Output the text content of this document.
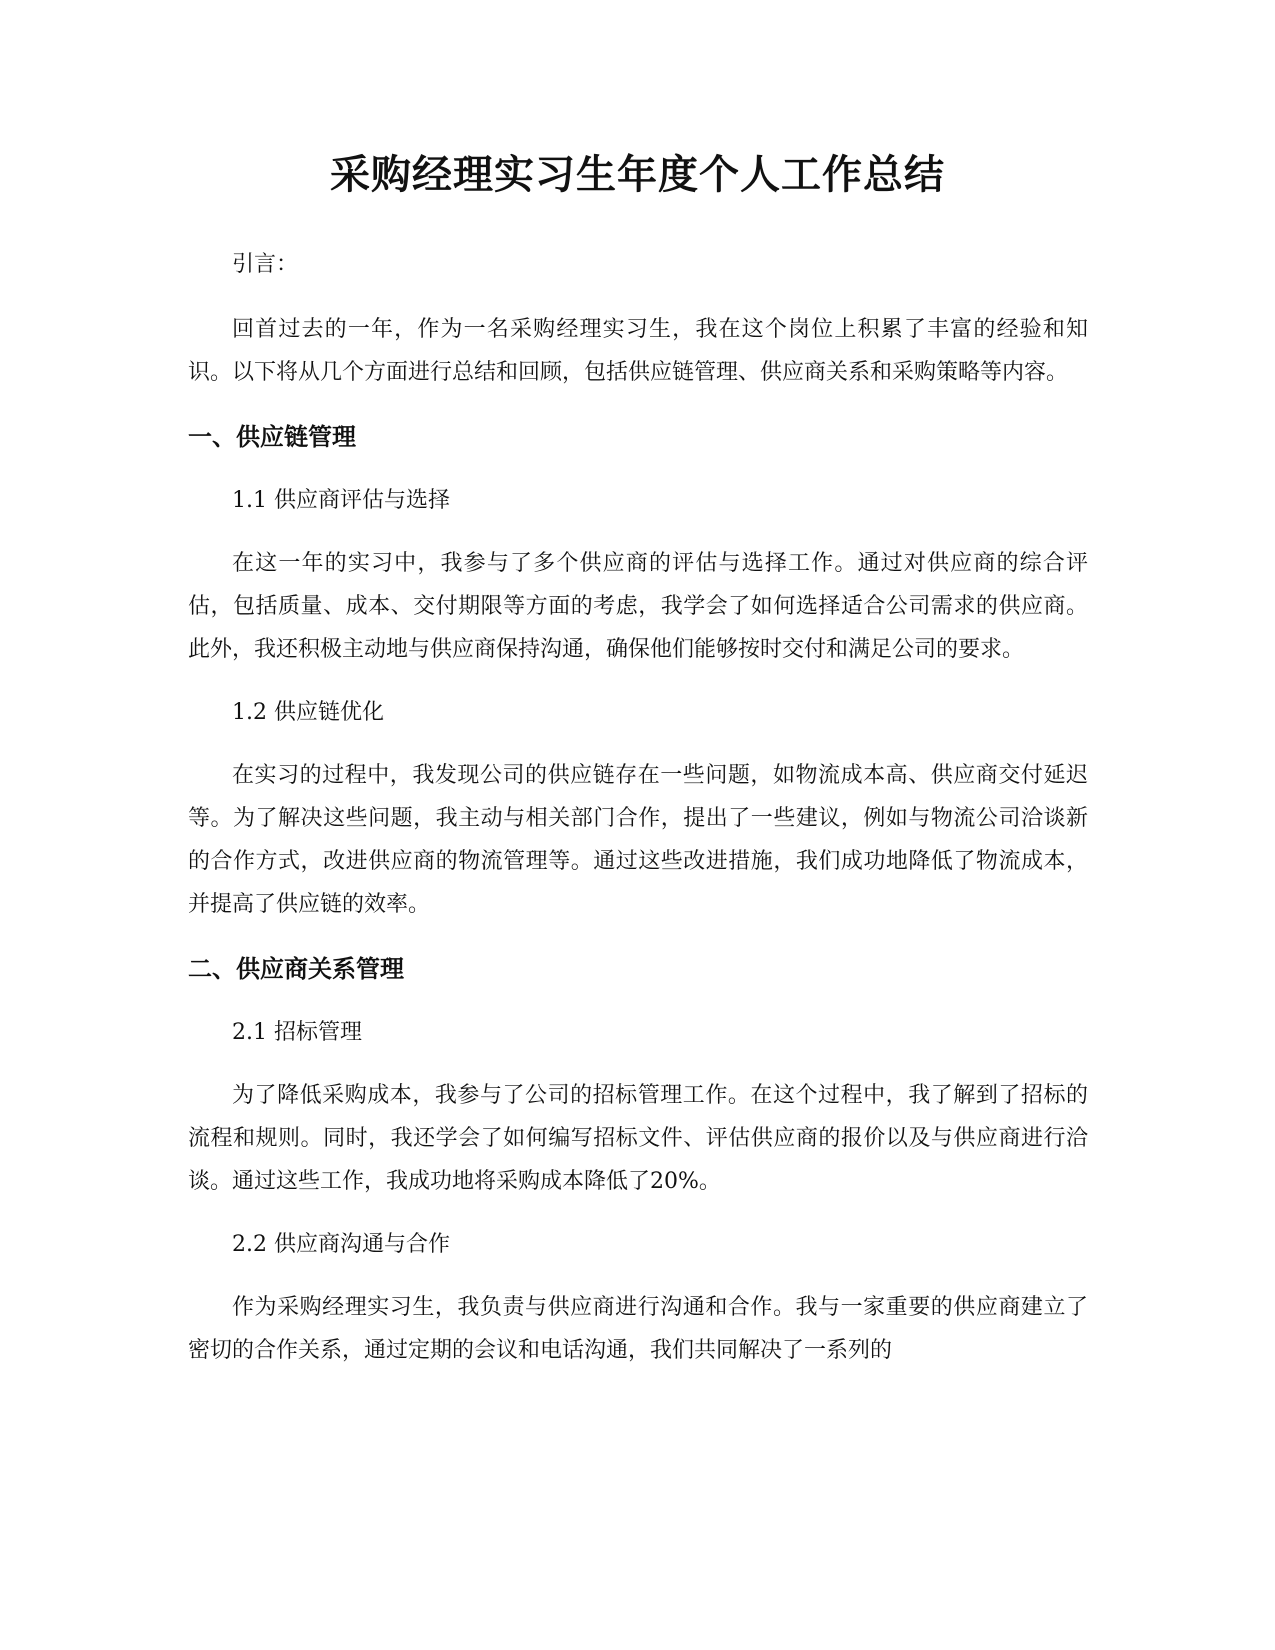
采购经理实习生年度个人工作总结

引言：

回首过去的一年，作为一名采购经理实习生，我在这个岗位上积累了丰富的经验和知识。以下将从几个方面进行总结和回顾，包括供应链管理、供应商关系和采购策略等内容。

一、供应链管理

1.1 供应商评估与选择

在这一年的实习中，我参与了多个供应商的评估与选择工作。通过对供应商的综合评估，包括质量、成本、交付期限等方面的考虑，我学会了如何选择适合公司需求的供应商。此外，我还积极主动地与供应商保持沟通，确保他们能够按时交付和满足公司的要求。

1.2 供应链优化

在实习的过程中，我发现公司的供应链存在一些问题，如物流成本高、供应商交付延迟等。为了解决这些问题，我主动与相关部门合作，提出了一些建议，例如与物流公司洽谈新的合作方式，改进供应商的物流管理等。通过这些改进措施，我们成功地降低了物流成本，并提高了供应链的效率。

二、供应商关系管理

2.1 招标管理

为了降低采购成本，我参与了公司的招标管理工作。在这个过程中，我了解到了招标的流程和规则。同时，我还学会了如何编写招标文件、评估供应商的报价以及与供应商进行洽谈。通过这些工作，我成功地将采购成本降低了20%。

2.2 供应商沟通与合作

作为采购经理实习生，我负责与供应商进行沟通和合作。我与一家重要的供应商建立了密切的合作关系，通过定期的会议和电话沟通，我们共同解决了一系列的
